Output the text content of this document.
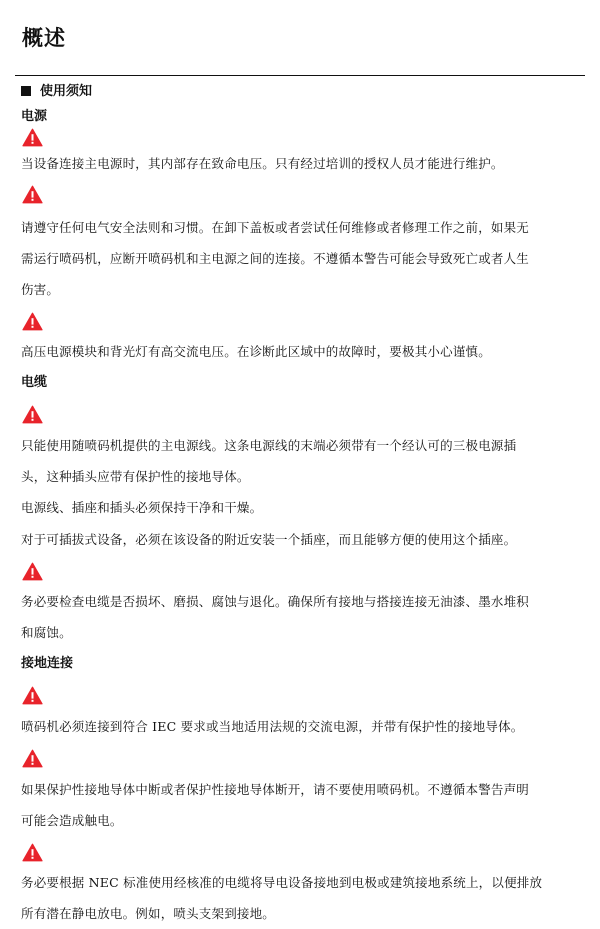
概述
使用须知
电源
当设备连接主电源时，其内部存在致命电压。只有经过培训的授权人员才能进行维护。
请遵守任何电气安全法则和习惯。在卸下盖板或者尝试任何维修或者修理工作之前，如果无
需运行喷码机，应断开喷码机和主电源之间的连接。不遵循本警告可能会导致死亡或者人生
伤害。
高压电源模块和背光灯有高交流电压。在诊断此区域中的故障时，要极其小心谨慎。
电缆
只能使用随喷码机提供的主电源线。这条电源线的末端必须带有一个经认可的三极电源插
头，这种插头应带有保护性的接地导体。
电源线、插座和插头必须保持干净和干燥。
对于可插拔式设备，必须在该设备的附近安装一个插座，而且能够方便的使用这个插座。
务必要检查电缆是否损坏、磨损、腐蚀与退化。确保所有接地与搭接连接无油漆、墨水堆积
和腐蚀。
接地连接
喷码机必须连接到符合 IEC 要求或当地适用法规的交流电源，并带有保护性的接地导体。
如果保护性接地导体中断或者保护性接地导体断开，请不要使用喷码机。不遵循本警告声明
可能会造成触电。
务必要根据 NEC 标准使用经核准的电缆将导电设备接地到电极或建筑接地系统上，以便排放
所有潜在静电放电。例如，喷头支架到接地。
